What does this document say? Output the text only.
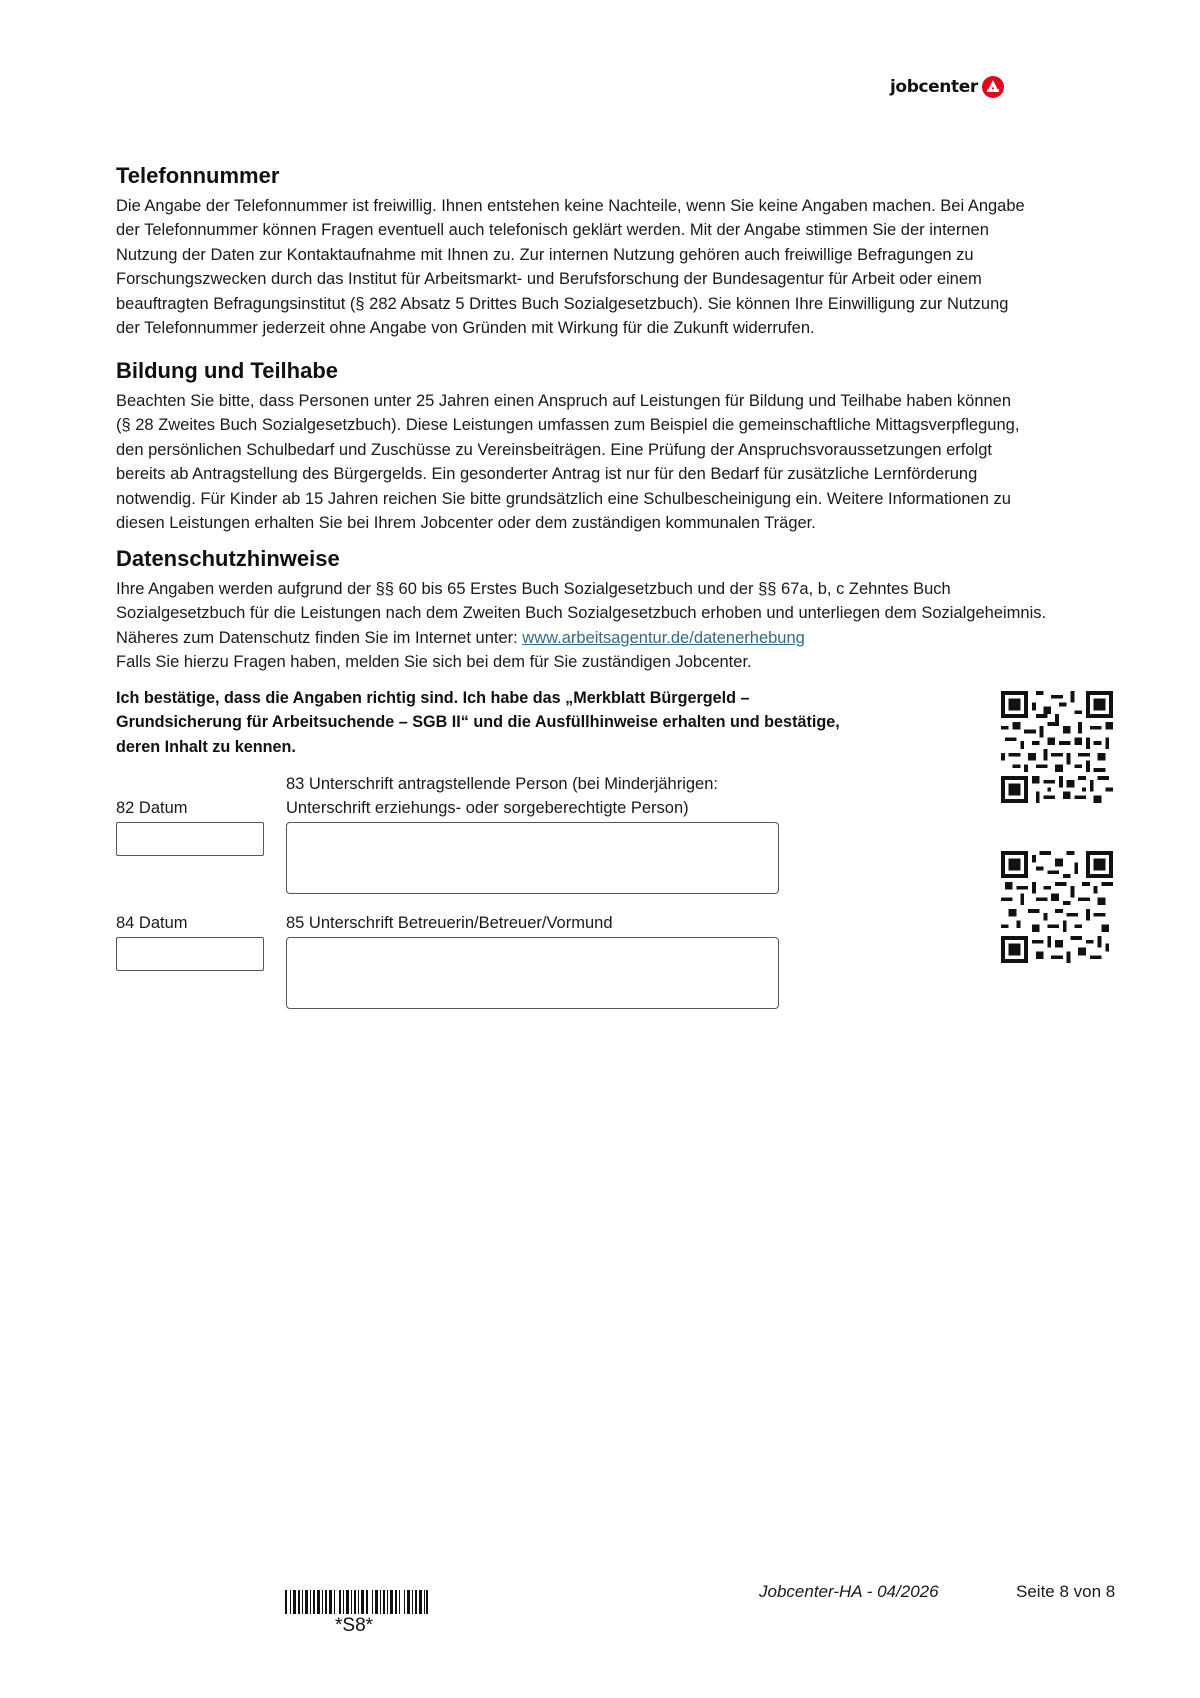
jobcenter
Telefonnummer

Die Angabe der Telefonnummer ist freiwillig. Ihnen entstehen keine Nachteile, wenn Sie keine Angaben machen. Bei Angabe

der Telefonnummer können Fragen eventuell auch telefonisch geklärt werden. Mit der Angabe stimmen Sie der internen

Nutzung der Daten zur Kontaktaufnahme mit Ihnen zu. Zur internen Nutzung gehören auch freiwillige Befragungen zu

Forschungszwecken durch das Institut für Arbeitsmarkt- und Berufsforschung der Bundesagentur für Arbeit oder einem

beauftragten Befragungsinstitut (§ 282 Absatz 5 Drittes Buch Sozialgesetzbuch). Sie können Ihre Einwilligung zur Nutzung

der Telefonnummer jederzeit ohne Angabe von Gründen mit Wirkung für die Zukunft widerrufen.

Bildung und Teilhabe

Beachten Sie bitte, dass Personen unter 25 Jahren einen Anspruch auf Leistungen für Bildung und Teilhabe haben können

(§ 28 Zweites Buch Sozialgesetzbuch). Diese Leistungen umfassen zum Beispiel die gemeinschaftliche Mittagsverpflegung,

den persönlichen Schulbedarf und Zuschüsse zu Vereinsbeiträgen. Eine Prüfung der Anspruchsvoraussetzungen erfolgt

bereits ab Antragstellung des Bürgergelds. Ein gesonderter Antrag ist nur für den Bedarf für zusätzliche Lernförderung

notwendig. Für Kinder ab 15 Jahren reichen Sie bitte grundsätzlich eine Schulbescheinigung ein. Weitere Informationen zu

diesen Leistungen erhalten Sie bei Ihrem Jobcenter oder dem zuständigen kommunalen Träger.

Datenschutzhinweise

Ihre Angaben werden aufgrund der §§ 60 bis 65 Erstes Buch Sozialgesetzbuch und der §§ 67a, b, c Zehntes Buch

Sozialgesetzbuch für die Leistungen nach dem Zweiten Buch Sozialgesetzbuch erhoben und unterliegen dem Sozialgeheimnis.

Näheres zum Datenschutz finden Sie im Internet unter: www.arbeitsagentur.de/datenerhebung

Falls Sie hierzu Fragen haben, melden Sie sich bei dem für Sie zuständigen Jobcenter.

Ich bestätige, dass die Angaben richtig sind. Ich habe das „Merkblatt Bürgergeld –
Grundsicherung für Arbeitsuchende – SGB II“ und die Ausfüllhinweise erhalten und bestätige,
deren Inhalt zu kennen.
82 Datum
83 Unterschrift antragstellende Person (bei Minderjährigen:
Unterschrift erziehungs- oder sorgeberechtigte Person)
84 Datum	85 Unterschrift Betreuerin/Betreuer/Vormund
*S8*
Jobcenter-HA - 04/2026	Seite 8 von 8
